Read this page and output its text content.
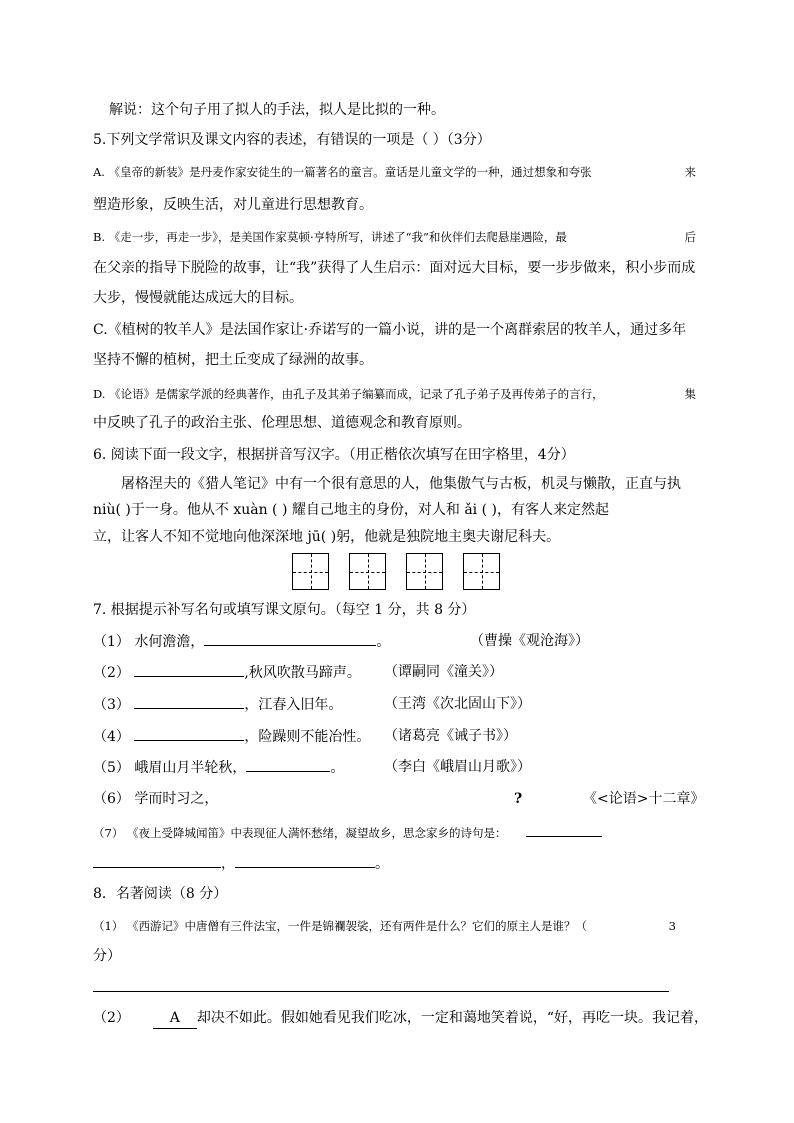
解说：这个句子用了拟人的手法，拟人是比拟的一种。
5.下列文学常识及课文内容的表述，有错误的一项是（ ）（3分）
A. 《皇帝的新装》是丹麦作家安徒生的一篇著名的童言。童话是儿童文学的一种，通过想象和夸张	来
塑造形象，反映生活，对儿童进行思想教育。
B. 《走一步，再走一步》，是美国作家莫顿·亨特所写，讲述了“我”和伙伴们去爬悬崖遇险，最	后
在父亲的指导下脱险的故事，让“我”获得了人生启示：面对远大目标，要一步步做来，积小步而成
大步，慢慢就能达成远大的目标。
C.《植树的牧羊人》是法国作家让·乔诺写的一篇小说，讲的是一个离群索居的牧羊人，通过多年
坚持不懈的植树，把土丘变成了绿洲的故事。
D. 《论语》是儒家学派的经典著作，由孔子及其弟子编纂而成，记录了孔子弟子及再传弟子的言行，	集
中反映了孔子的政治主张、伦理思想、道德观念和教育原则。
6. 阅读下面一段文字，根据拼音写汉字。（用正楷依次填写在田字格里，4分）
屠格涅夫的《猎人笔记》中有一个很有意思的人，他集傲气与古板，机灵与懒散，正直与执
niù( )于一身。他从不 xuàn ( ) 耀自己地主的身份，对人和 ǎi ( )，有客人来定然起
立，让客人不知不觉地向他深深地 jū( )躬，他就是独院地主奥夫谢尼科夫。
7. 根据提示补写名句或填写课文原句。（每空 1 分，共 8 分）
（1） 水何澹澹，	。	（曹操《观沧海》）
（2）	,秋风吹散马蹄声。 （谭嗣同《潼关》）
（3）	，江春入旧年。	（王湾《次北固山下》）
（4）	，险躁则不能冶性。 （诸葛亮《诫子书》）
（5） 峨眉山月半轮秋，	。	（李白《峨眉山月歌》）
（6） 学而时习之，	?	《<论语>十二章》
（7） 《夜上受降城闻笛》中表现征人满怀愁绪，凝望故乡，思念家乡的诗句是：
，	。
8．名著阅读（8 分）
（1） 《西游记》中唐僧有三件法宝，一件是锦襴袈裟，还有两件是什么？它们的原主人是谁？（	3
分）
（2）	A 却决不如此。假如她看见我们吃冰，一定和蔼地笑着说，“好，再吃一块。我记着，
